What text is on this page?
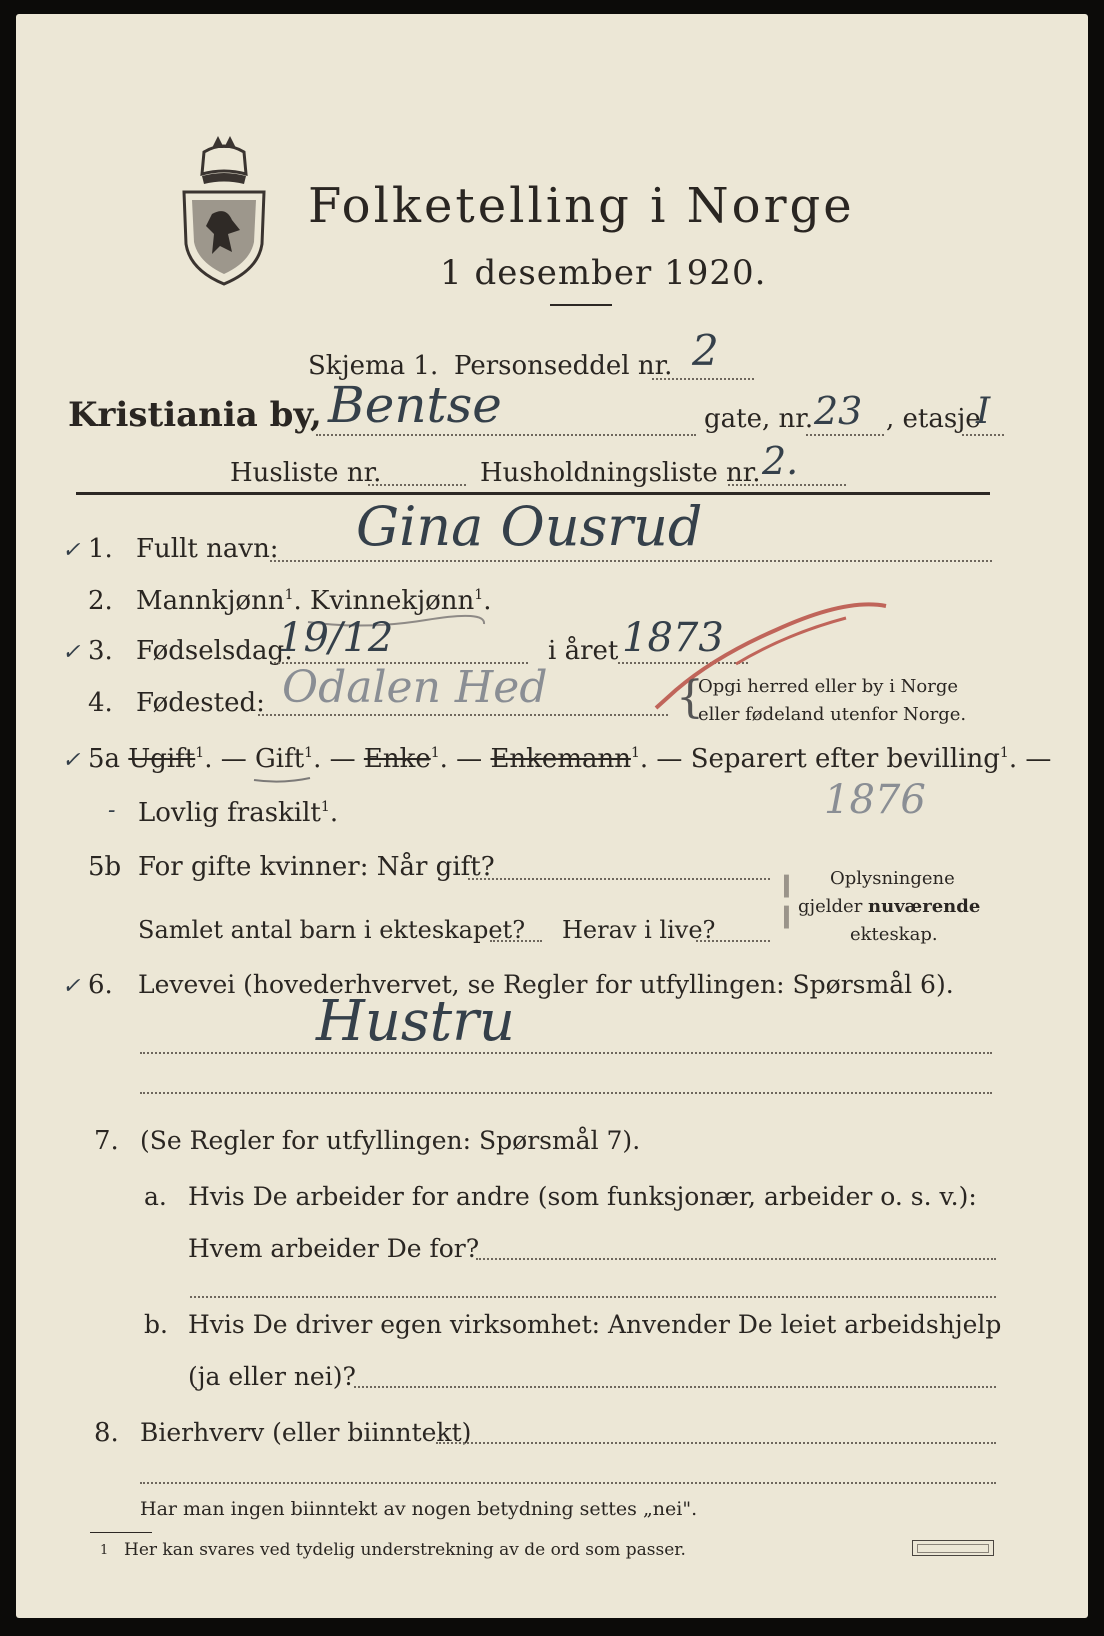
Folketelling i Norge
1 desember 1920.
Skjema 1. Personseddel nr. 2
Kristiania by, Bentse	gate, nr. 23 , etasje
I
Husliste nr.	Husholdningsliste nr. 2.
✓ 1. Fullt navn: Gina Ousrud
2. Mannkjønn$^1$. Kvinnekjønn$^1$.
✓ 3. Fødselsdag:
19/12	i året 1873
4. Fødested: Odalen Hed	{
Opgi herred eller by i Norge
eller fødeland utenfor Norge.
✓ 5a Ugift$^1$. — Gift$^1$. — Enke$^1$. — Enkemann$^1$. — Separert efter bevilling$^1$. —
- Lovlig fraskilt$^1$.	1876
5b For gifte kvinner: Når gift?
Samlet antal barn i ekteskapet? Herav i live? ¦ Oplysningene
gjelder nuværende
ekteskap.
✓ 6. Levevei (hovederhvervet, se Regler for utfyllingen: Spørsmål 6).
Hustru
7. (Se Regler for utfyllingen: Spørsmål 7).
a. Hvis De arbeider for andre (som funksjonær, arbeider o. s. v.):
Hvem arbeider De for?
b. Hvis De driver egen virksomhet: Anvender De leiet arbeidshjelp
(ja eller nei)?
8. Bierhverv (eller biinntekt)
Har man ingen biinntekt av nogen betydning settes „nei".
1 Her kan svares ved tydelig understrekning av de ord som passer.
